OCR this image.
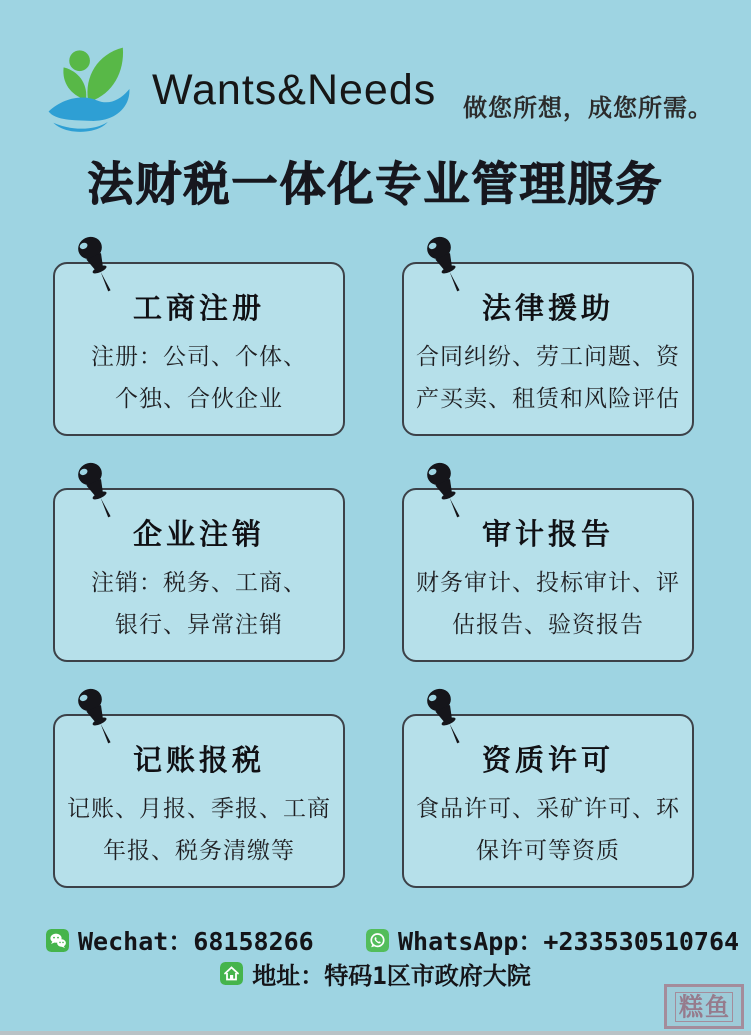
Wants&Needs 做您所想，成您所需。
法财税一体化专业管理服务
工商注册
注册：公司、个体、
个独、合伙企业
法律援助
合同纠纷、劳工问题、资
产买卖、租赁和风险评估
企业注销
注销：税务、工商、
银行、异常注销
审计报告
财务审计、投标审计、评
估报告、验资报告
记账报税
记账、月报、季报、工商
年报、税务清缴等
资质许可
食品许可、采矿许可、环
保许可等资质
Wechat：68158266	WhatsApp：+233530510764
地址：特码1区市政府大院
糕 鱼
